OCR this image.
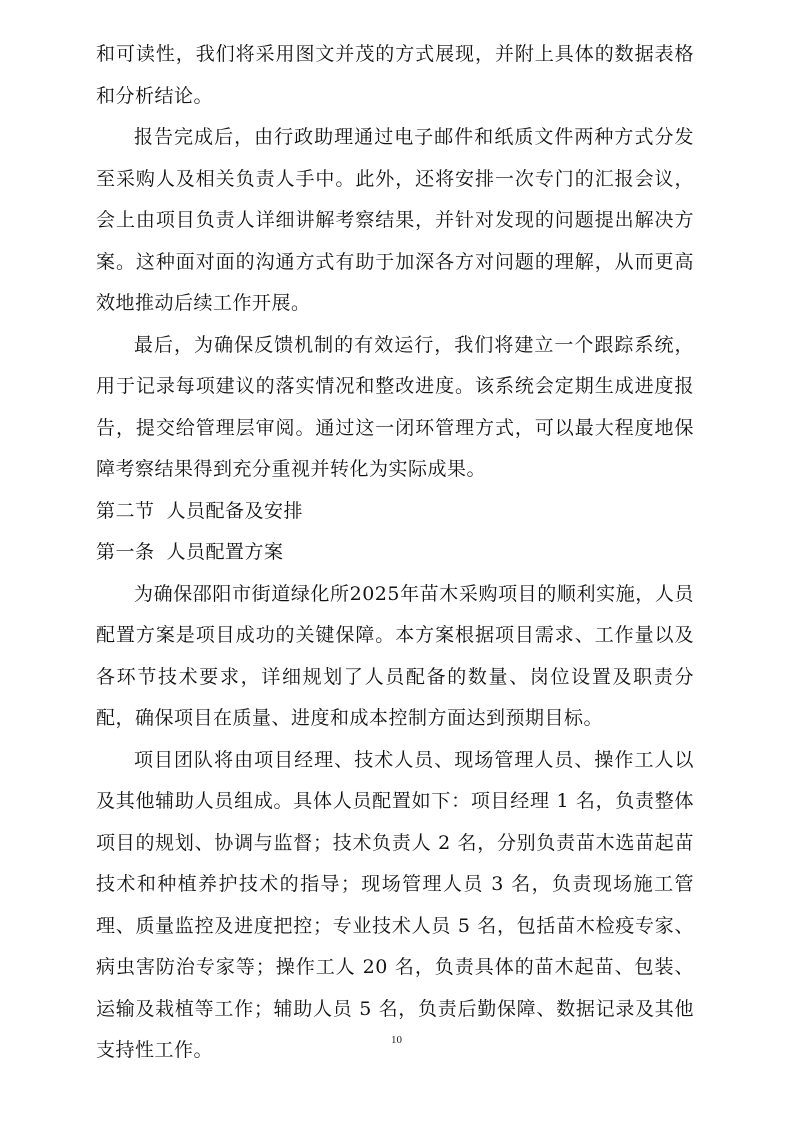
和可读性，我们将采用图文并茂的方式展现，并附上具体的数据表格和分析结论。

报告完成后，由行政助理通过电子邮件和纸质文件两种方式分发至采购人及相关负责人手中。此外，还将安排一次专门的汇报会议，会上由项目负责人详细讲解考察结果，并针对发现的问题提出解决方案。这种面对面的沟通方式有助于加深各方对问题的理解，从而更高效地推动后续工作开展。

最后，为确保反馈机制的有效运行，我们将建立一个跟踪系统，用于记录每项建议的落实情况和整改进度。该系统会定期生成进度报告，提交给管理层审阅。通过这一闭环管理方式，可以最大程度地保障考察结果得到充分重视并转化为实际成果。

第二节 人员配备及安排
第一条 人员配置方案

为确保邵阳市街道绿化所2025年苗木采购项目的顺利实施，人员配置方案是项目成功的关键保障。本方案根据项目需求、工作量以及各环节技术要求，详细规划了人员配备的数量、岗位设置及职责分配，确保项目在质量、进度和成本控制方面达到预期目标。

项目团队将由项目经理、技术人员、现场管理人员、操作工人以及其他辅助人员组成。具体人员配置如下：项目经理 1 名，负责整体项目的规划、协调与监督；技术负责人 2 名，分别负责苗木选苗起苗技术和种植养护技术的指导；现场管理人员 3 名，负责现场施工管理、质量监控及进度把控；专业技术人员 5 名，包括苗木检疫专家、病虫害防治专家等；操作工人 20 名，负责具体的苗木起苗、包装、运输及栽植等工作；辅助人员 5 名，负责后勤保障、数据记录及其他支持性工作。	10
